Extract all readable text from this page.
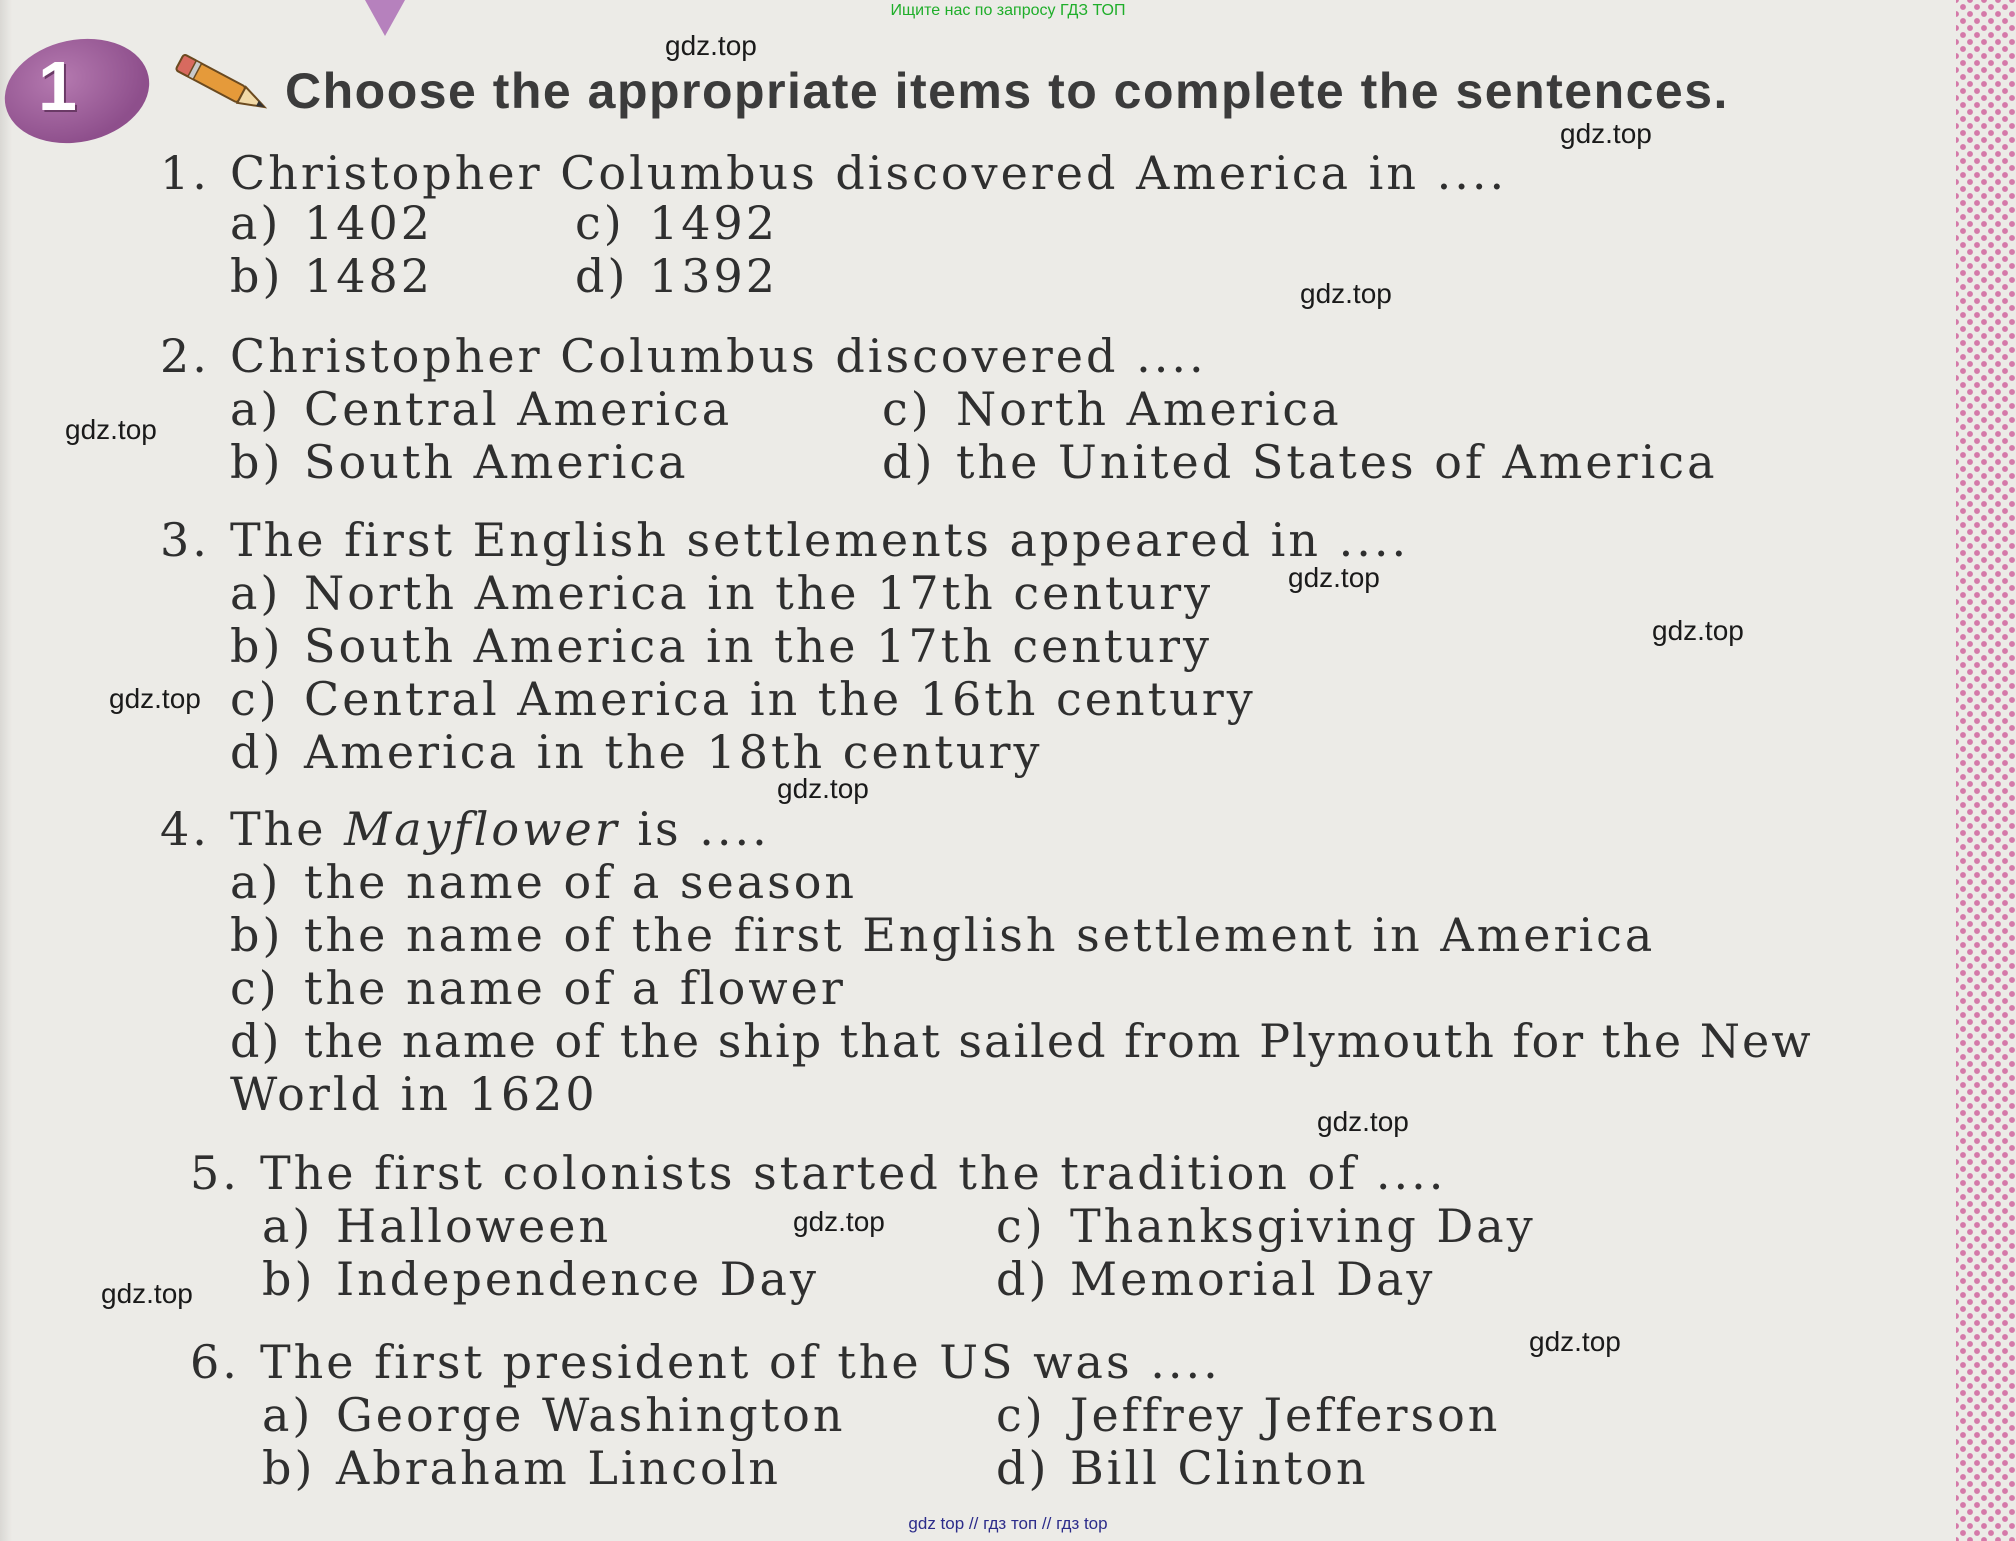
Ищите нас по запросу ГДЗ ТОП
1	Choose the appropriate items to complete the sentences.
1. Christopher Columbus discovered America in ....
a) 1402	c) 1492
b) 1482	d) 1392
2. Christopher Columbus discovered ....
a) Central America	c) North America
b) South America	d) the United States of America
3. The first English settlements appeared in ....
a) North America in the 17th century
b) South America in the 17th century
c) Central America in the 16th century
d) America in the 18th century
4. The Mayflower is ....
a) the name of a season
b) the name of the first English settlement in America
c) the name of a flower
d) the name of the ship that sailed from Plymouth for the New
World in 1620
5. The first colonists started the tradition of ....
a) Halloween	c) Thanksgiving Day
b) Independence Day	d) Memorial Day
6. The first president of the US was ....
a) George Washington	c) Jeffrey Jefferson
b) Abraham Lincoln	d) Bill Clinton
gdz.top
gdz.top
gdz.top
gdz.top
gdz.top
gdz.top
gdz.top
gdz.top
gdz.top
gdz.top
gdz.top
gdz.top
gdz top // гдз топ // гдз top
